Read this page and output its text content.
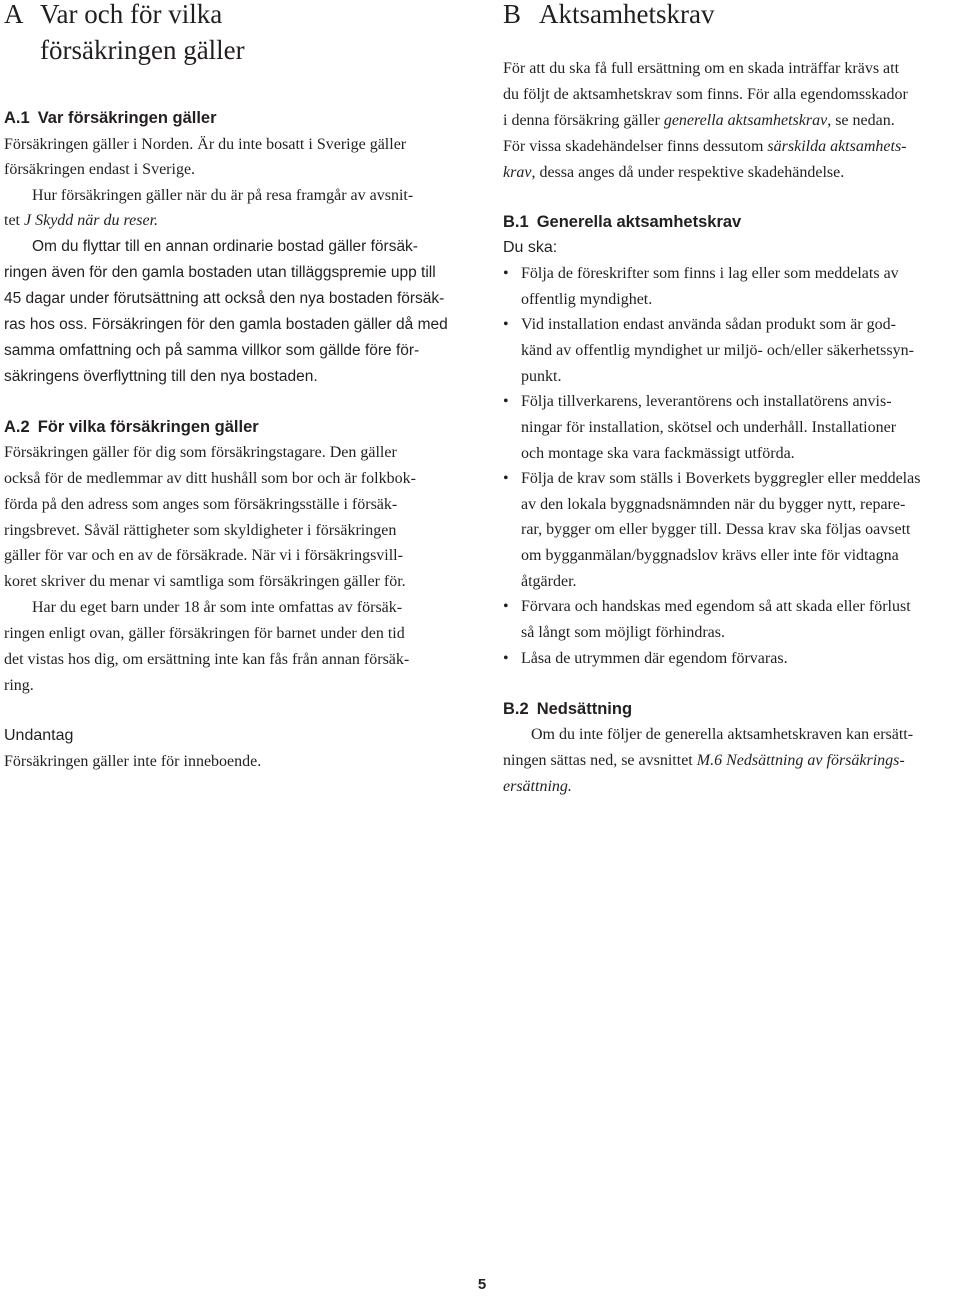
A Var och för vilka
försäkringen gäller
A.1 Var försäkringen gäller
Försäkringen gäller i Norden. Är du inte bosatt i Sverige gäller
försäkringen endast i Sverige.
Hur försäkringen gäller när du är på resa framgår av avsnit-
tet J Skydd när du reser.
Om du flyttar till en annan ordinarie bostad gäller försäk-
ringen även för den gamla bostaden utan tilläggspremie upp till
45 dagar under förutsättning att också den nya bostaden försäk-
ras hos oss. Försäkringen för den gamla bostaden gäller då med
samma omfattning och på samma villkor som gällde före för-
säkringens överflyttning till den nya bostaden.
A.2 För vilka försäkringen gäller
Försäkringen gäller för dig som försäkringstagare. Den gäller
också för de medlemmar av ditt hushåll som bor och är folkbok-
förda på den adress som anges som försäkringsställe i försäk-
ringsbrevet. Såväl rättigheter som skyldigheter i försäkringen
gäller för var och en av de försäkrade. När vi i försäkringsvill-
koret skriver du menar vi samtliga som försäkringen gäller för.
Har du eget barn under 18 år som inte omfattas av försäk-
ringen enligt ovan, gäller försäkringen för barnet under den tid
det vistas hos dig, om ersättning inte kan fås från annan försäk-
ring.
Undantag
Försäkringen gäller inte för inneboende.
B Aktsamhetskrav
För att du ska få full ersättning om en skada inträffar krävs att
du följt de aktsamhetskrav som finns. För alla egendomsskador
i denna försäkring gäller generella aktsamhetskrav, se nedan.
För vissa skadehändelser finns dessutom särskilda aktsamhets-
krav, dessa anges då under respektive skadehändelse.
B.1 Generella aktsamhetskrav
Du ska:
• Följa de föreskrifter som finns i lag eller som meddelats av
offentlig myndighet.
• Vid installation endast använda sådan produkt som är god-
känd av offentlig myndighet ur miljö- och/eller säkerhetssyn-
punkt.
• Följa tillverkarens, leverantörens och installatörens anvis-
ningar för installation, skötsel och underhåll. Installationer
och montage ska vara fackmässigt utförda.
• Följa de krav som ställs i Boverkets byggregler eller meddelas
av den lokala byggnadsnämnden när du bygger nytt, repare-
rar, bygger om eller bygger till. Dessa krav ska följas oavsett
om bygganmälan/byggnadslov krävs eller inte för vidtagna
åtgärder.
• Förvara och handskas med egendom så att skada eller förlust
så långt som möjligt förhindras.
• Låsa de utrymmen där egendom förvaras.
B.2 Nedsättning
Om du inte följer de generella aktsamhetskraven kan ersätt-
ningen sättas ned, se avsnittet M.6 Nedsättning av försäkrings-
ersättning.
5
